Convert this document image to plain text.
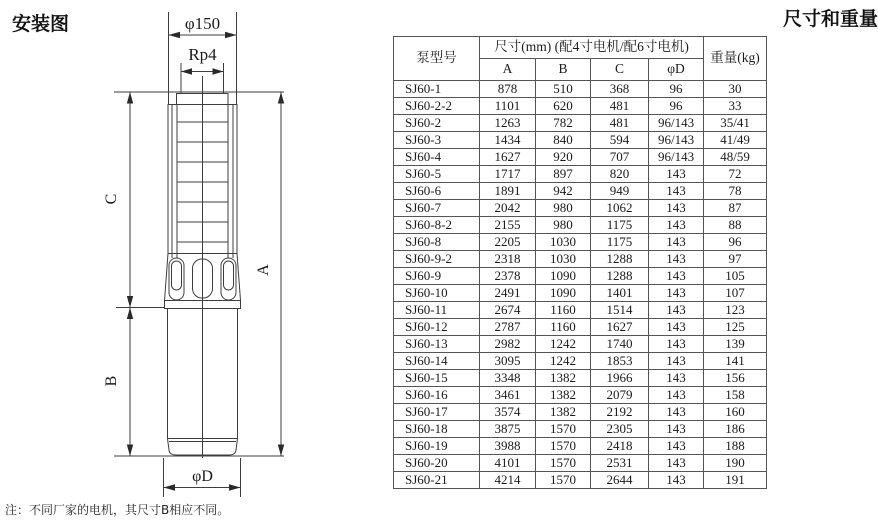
安装图	φ150
Rp4
C
B
A
φD
注：不同厂家的电机，其尺寸B相应不同。
尺寸和重量
泵型号	尺寸(mm) (配4寸电机/配6寸电机)				重量(kg)
	A	B	C	φD	
SJ60-1	878	510	368	96	30
SJ60-2-2	1101	620	481	96	33
SJ60-2	1263	782	481	96/143	35/41
SJ60-3	1434	840	594	96/143	41/49
SJ60-4	1627	920	707	96/143	48/59
SJ60-5	1717	897	820	143	72
SJ60-6	1891	942	949	143	78
SJ60-7	2042	980	1062	143	87
SJ60-8-2	2155	980	1175	143	88
SJ60-8	2205	1030	1175	143	96
SJ60-9-2	2318	1030	1288	143	97
SJ60-9	2378	1090	1288	143	105
SJ60-10	2491	1090	1401	143	107
SJ60-11	2674	1160	1514	143	123
SJ60-12	2787	1160	1627	143	125
SJ60-13	2982	1242	1740	143	139
SJ60-14	3095	1242	1853	143	141
SJ60-15	3348	1382	1966	143	156
SJ60-16	3461	1382	2079	143	158
SJ60-17	3574	1382	2192	143	160
SJ60-18	3875	1570	2305	143	186
SJ60-19	3988	1570	2418	143	188
SJ60-20	4101	1570	2531	143	190
SJ60-21	4214	1570	2644	143	191
